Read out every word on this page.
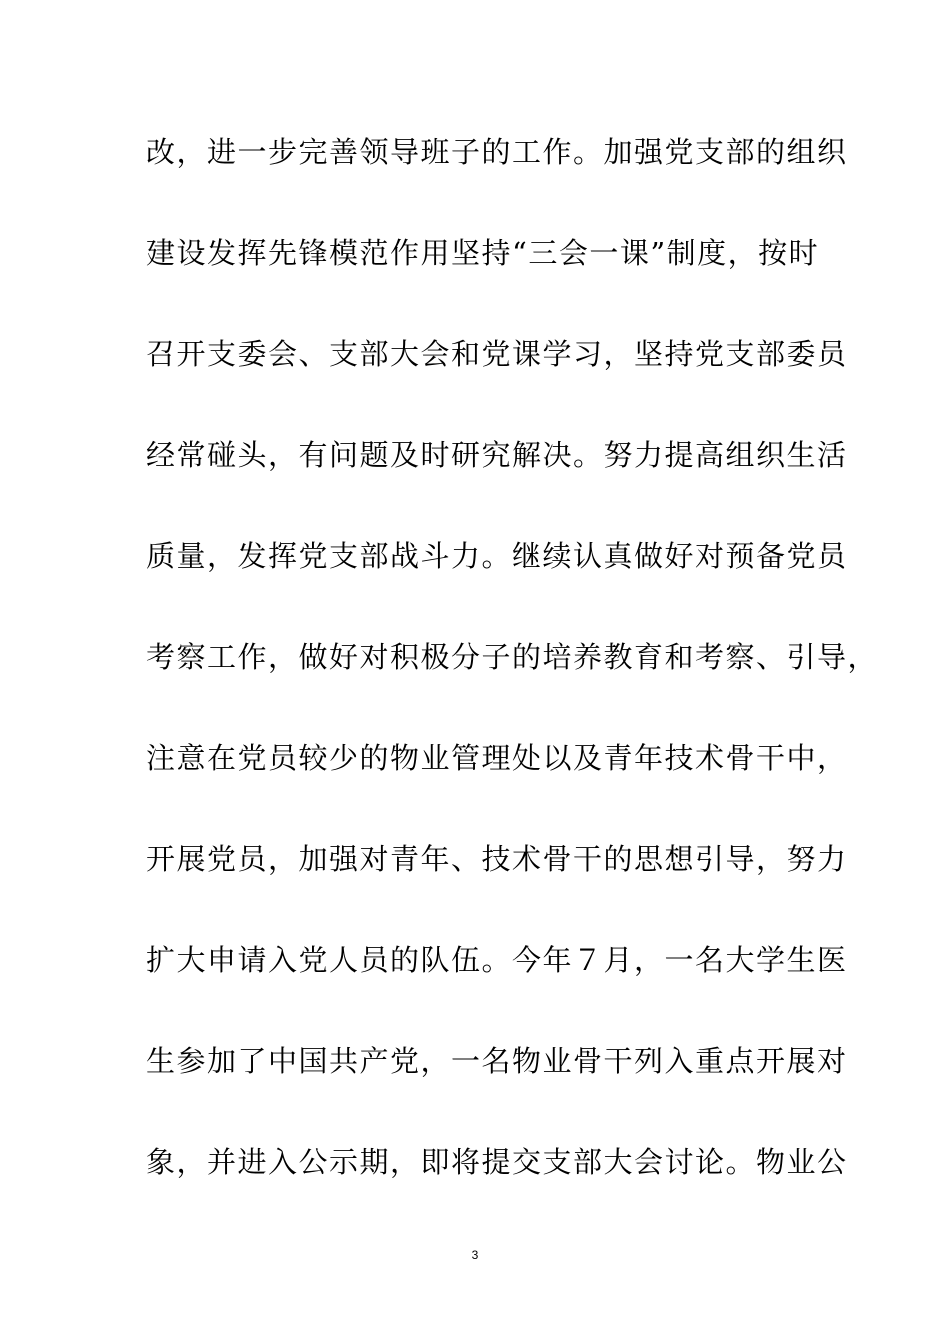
改，进一步完善领导班子的工作。加强党支部的组织
建设发挥先锋模范作用坚持“三会一课”制度，按时
召开支委会、支部大会和党课学习，坚持党支部委员
经常碰头，有问题及时研究解决。努力提高组织生活
质量，发挥党支部战斗力。继续认真做好对预备党员
考察工作，做好对积极分子的培养教育和考察、引导，
注意在党员较少的物业管理处以及青年技术骨干中，
开展党员，加强对青年、技术骨干的思想引导，努力
扩大申请入党人员的队伍。今年７月，一名大学生医
生参加了中国共产党，一名物业骨干列入重点开展对
象，并进入公示期，即将提交支部大会讨论。物业公
3
